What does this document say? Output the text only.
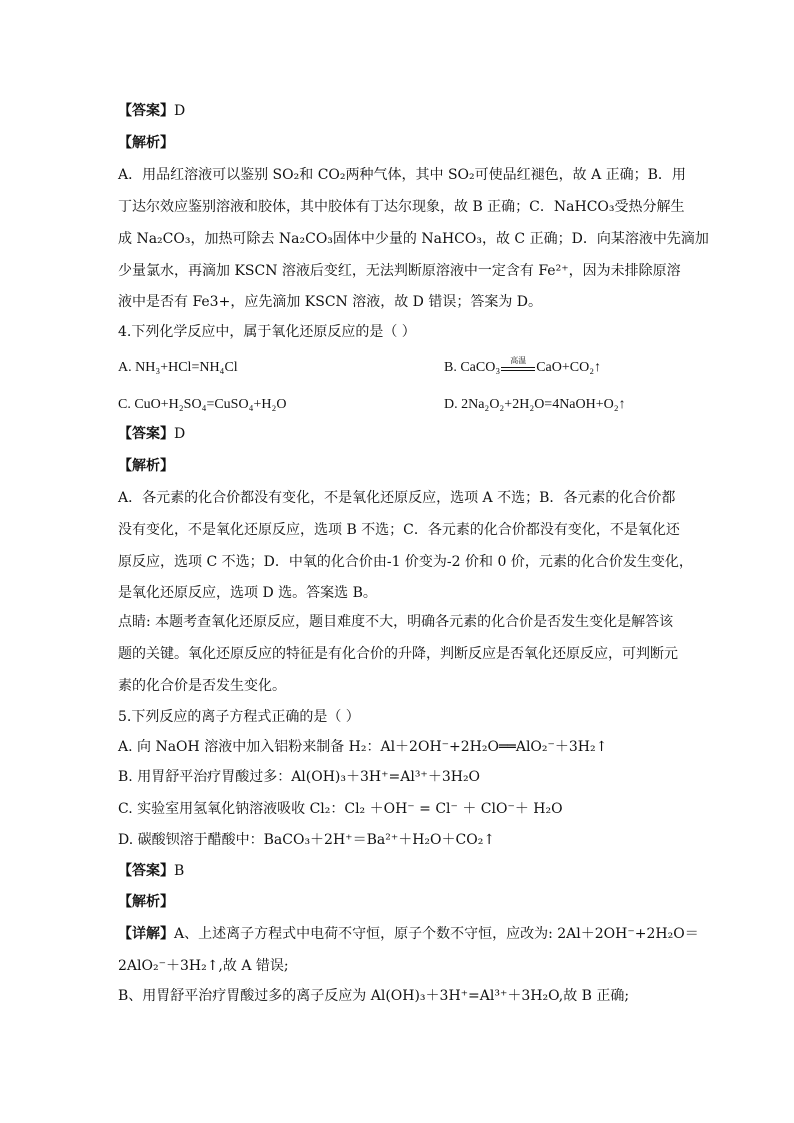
【答案】D
【解析】
A．用品红溶液可以鉴别 SO₂和 CO₂两种气体，其中 SO₂可使品红褪色，故 A 正确；B．用
丁达尔效应鉴别溶液和胶体，其中胶体有丁达尔现象，故 B 正确；C．NaHCO₃受热分解生
成 Na₂CO₃，加热可除去 Na₂CO₃固体中少量的 NaHCO₃，故 C 正确；D．向某溶液中先滴加
少量氯水，再滴加 KSCN 溶液后变红，无法判断原溶液中一定含有 Fe²⁺，因为未排除原溶
液中是否有 Fe3+，应先滴加 KSCN 溶液，故 D 错误；答案为 D。
4.下列化学反应中，属于氧化还原反应的是（ ）
A. NH₃+HCl=NH₄Cl	B. CaCO₃	高温 CaO+CO₂↑
C. CuO+H₂SO₄=CuSO₄+H₂O	D. 2Na₂O₂+2H₂O=4NaOH+O₂↑
【答案】D
【解析】
A．各元素的化合价都没有变化，不是氧化还原反应，选项 A 不选；B．各元素的化合价都
没有变化，不是氧化还原反应，选项 B 不选；C．各元素的化合价都没有变化，不是氧化还
原反应，选项 C 不选；D．中氧的化合价由-1 价变为-2 价和 0 价，元素的化合价发生变化，
是氧化还原反应，选项 D 选。答案选 B。
点睛: 本题考查氧化还原反应，题目难度不大，明确各元素的化合价是否发生变化是解答该
题的关键。氧化还原反应的特征是有化合价的升降，判断反应是否氧化还原反应，可判断元
素的化合价是否发生变化。
5.下列反应的离子方程式正确的是（ ）
A. 向 NaOH 溶液中加入铝粉来制备 H₂：Al＋2OH⁻+2H₂O══AlO₂⁻＋3H₂↑
B. 用胃舒平治疗胃酸过多：Al(OH)₃＋3H⁺=Al³⁺＋3H₂O
C. 实验室用氢氧化钠溶液吸收 Cl₂：Cl₂ ＋OH⁻ = Cl⁻ ＋ ClO⁻＋ H₂O
D. 碳酸钡溶于醋酸中：BaCO₃＋2H⁺＝Ba²⁺＋H₂O＋CO₂↑
【答案】B
【解析】
【详解】A、上述离子方程式中电荷不守恒，原子个数不守恒，应改为: 2Al＋2OH⁻+2H₂O＝
2AlO₂⁻＋3H₂↑,故 A 错误;
B、用胃舒平治疗胃酸过多的离子反应为 Al(OH)₃＋3H⁺=Al³⁺＋3H₂O,故 B 正确;
